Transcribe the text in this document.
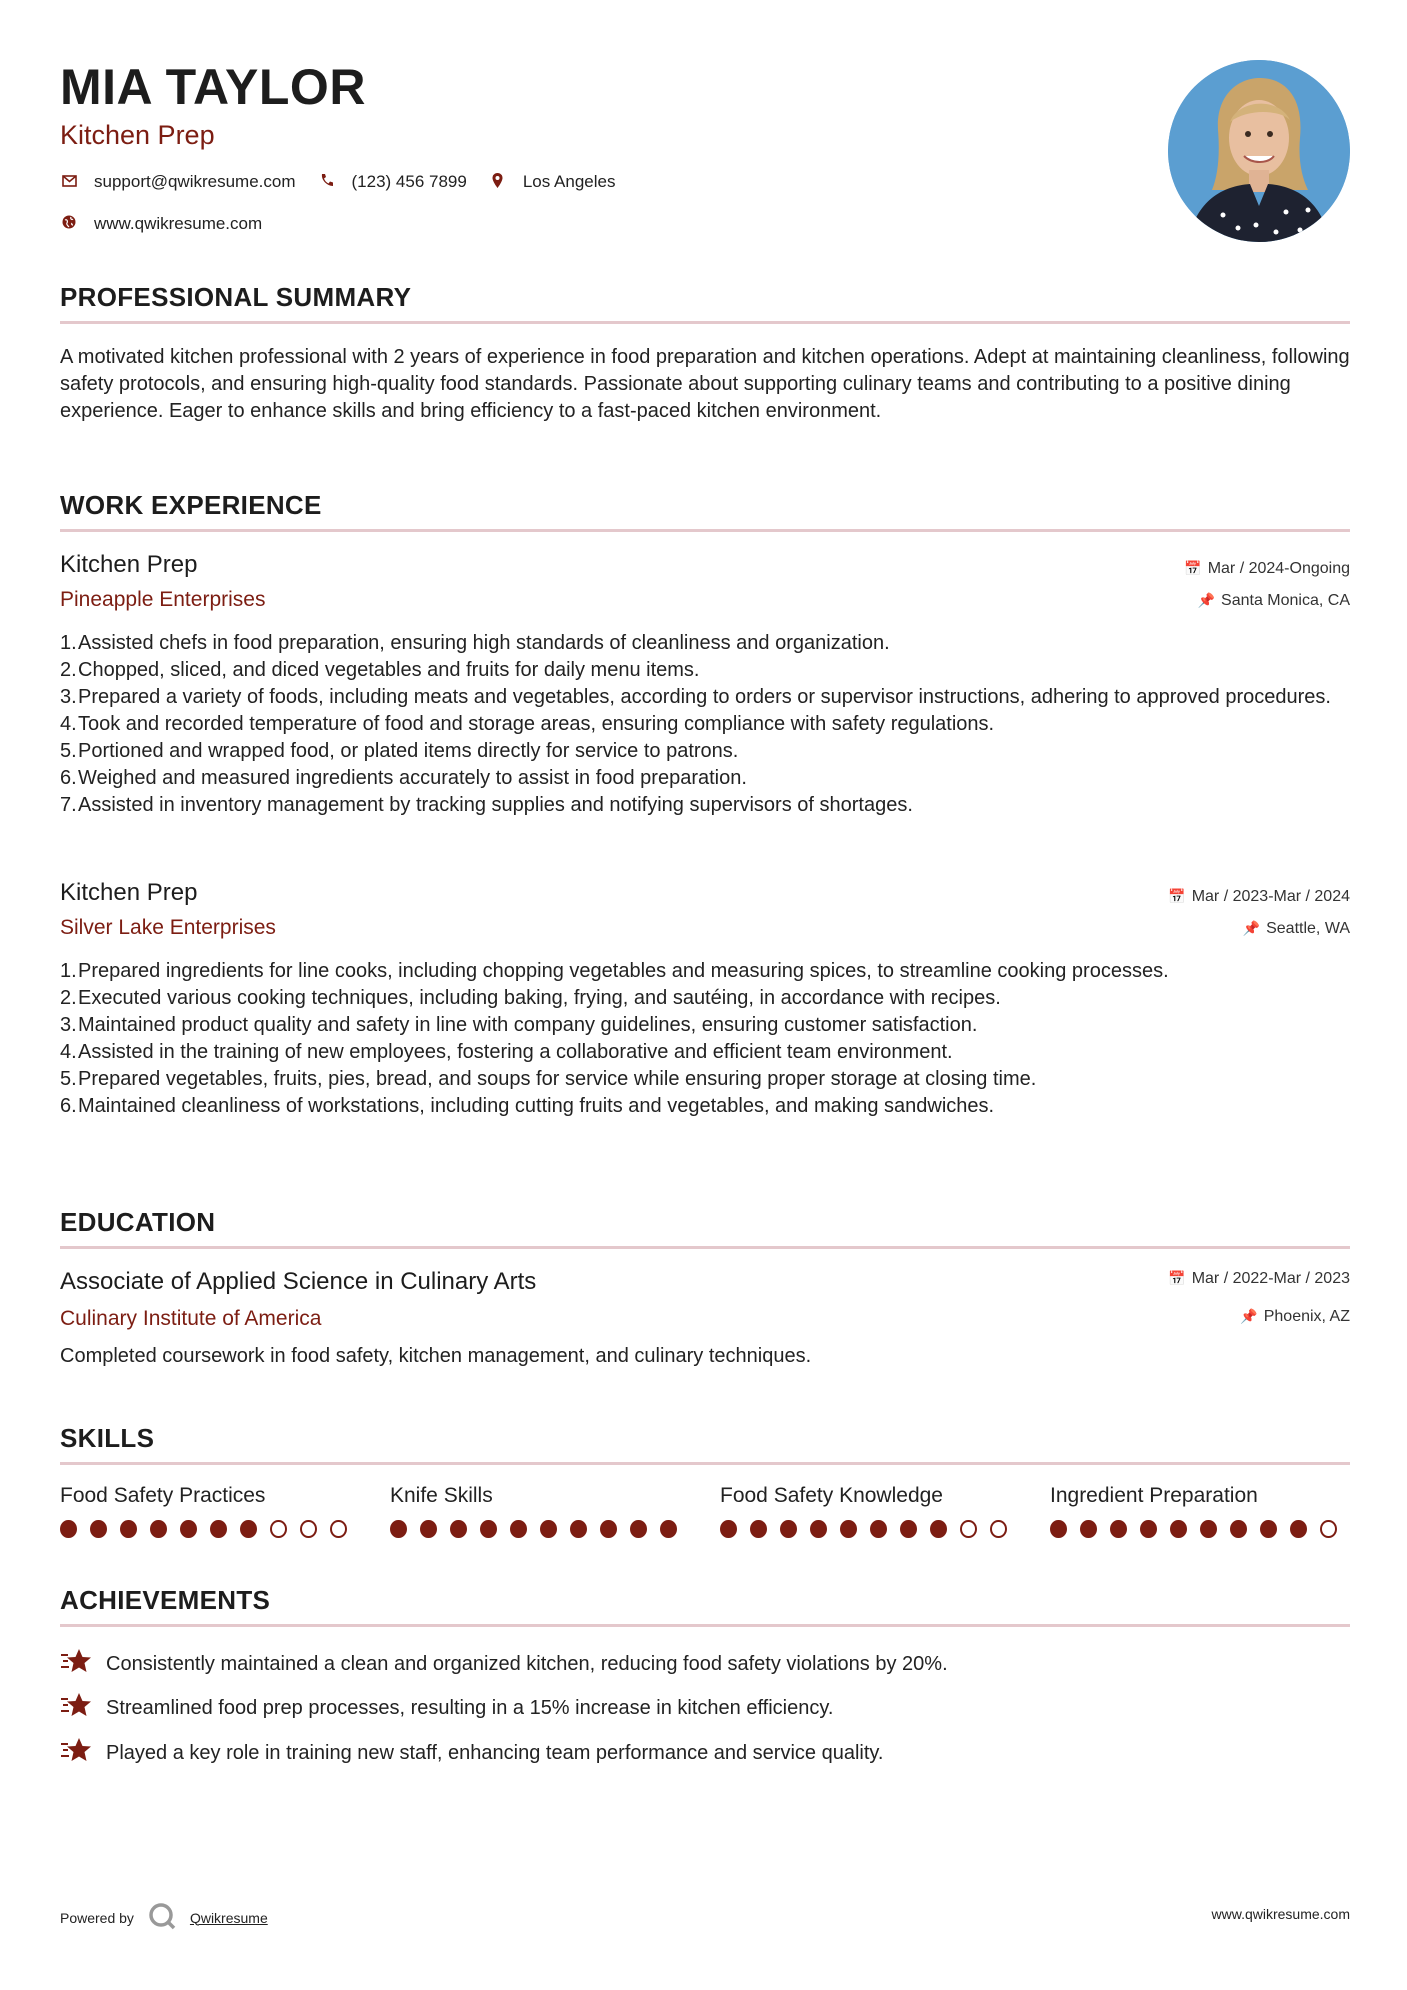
MIA TAYLOR
Kitchen Prep
support@qwikresume.com	(123) 456 7899	Los Angeles
www.qwikresume.com
PROFESSIONAL SUMMARY
A motivated kitchen professional with 2 years of experience in food preparation and kitchen operations. Adept at maintaining cleanliness, following safety protocols, and ensuring high-quality food standards. Passionate about supporting culinary teams and contributing to a positive dining experience. Eager to enhance skills and bring efficiency to a fast-paced kitchen environment.
WORK EXPERIENCE
Kitchen Prep	📅 Mar / 2024-Ongoing
Pineapple Enterprises	📌 Santa Monica, CA
1. Assisted chefs in food preparation, ensuring high standards of cleanliness and organization.
2. Chopped, sliced, and diced vegetables and fruits for daily menu items.
3. Prepared a variety of foods, including meats and vegetables, according to orders or supervisor instructions, adhering to approved procedures.
4. Took and recorded temperature of food and storage areas, ensuring compliance with safety regulations.
5. Portioned and wrapped food, or plated items directly for service to patrons.
6. Weighed and measured ingredients accurately to assist in food preparation.
7. Assisted in inventory management by tracking supplies and notifying supervisors of shortages.
Kitchen Prep	📅 Mar / 2023-Mar / 2024
Silver Lake Enterprises	📌 Seattle, WA
1. Prepared ingredients for line cooks, including chopping vegetables and measuring spices, to streamline cooking processes.
2. Executed various cooking techniques, including baking, frying, and sautéing, in accordance with recipes.
3. Maintained product quality and safety in line with company guidelines, ensuring customer satisfaction.
4. Assisted in the training of new employees, fostering a collaborative and efficient team environment.
5. Prepared vegetables, fruits, pies, bread, and soups for service while ensuring proper storage at closing time.
6. Maintained cleanliness of workstations, including cutting fruits and vegetables, and making sandwiches.
EDUCATION
Associate of Applied Science in Culinary Arts	📅 Mar / 2022-Mar / 2023
Culinary Institute of America	📌 Phoenix, AZ
Completed coursework in food safety, kitchen management, and culinary techniques.
SKILLS
Food Safety Practices	Knife Skills	Food Safety Knowledge	Ingredient Preparation
ACHIEVEMENTS
Consistently maintained a clean and organized kitchen, reducing food safety violations by 20%.
Streamlined food prep processes, resulting in a 15% increase in kitchen efficiency.
Played a key role in training new staff, enhancing team performance and service quality.
Powered by	Qwikresume	www.qwikresume.com
